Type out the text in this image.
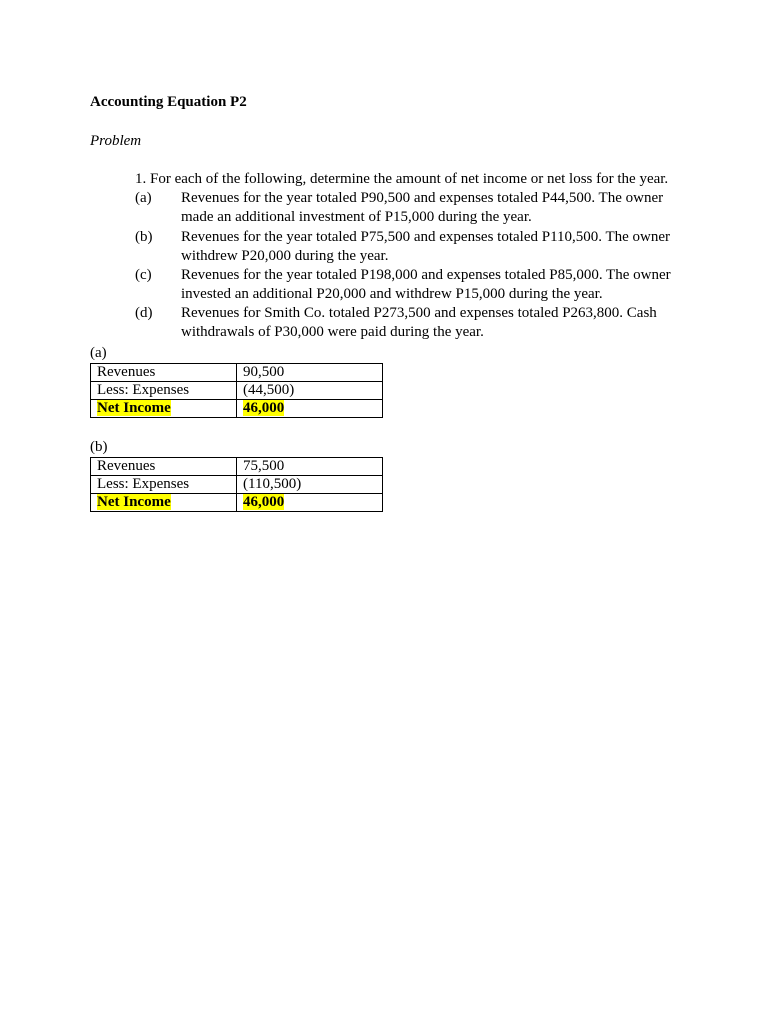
Accounting Equation P2
Problem
1. For each of the following, determine the amount of net income or net loss for the year.
(a) Revenues for the year totaled P90,500 and expenses totaled P44,500. The owner made an additional investment of P15,000 during the year.
(b) Revenues for the year totaled P75,500 and expenses totaled P110,500. The owner withdrew P20,000 during the year.
(c) Revenues for the year totaled P198,000 and expenses totaled P85,000. The owner invested an additional P20,000 and withdrew P15,000 during the year.
(d) Revenues for Smith Co. totaled P273,500 and expenses totaled P263,800. Cash withdrawals of P30,000 were paid during the year.
(a)
Revenues	90,500
Less: Expenses	(44,500)
Net Income	46,000
(b)
Revenues	75,500
Less: Expenses	(110,500)
Net Income	46,000
